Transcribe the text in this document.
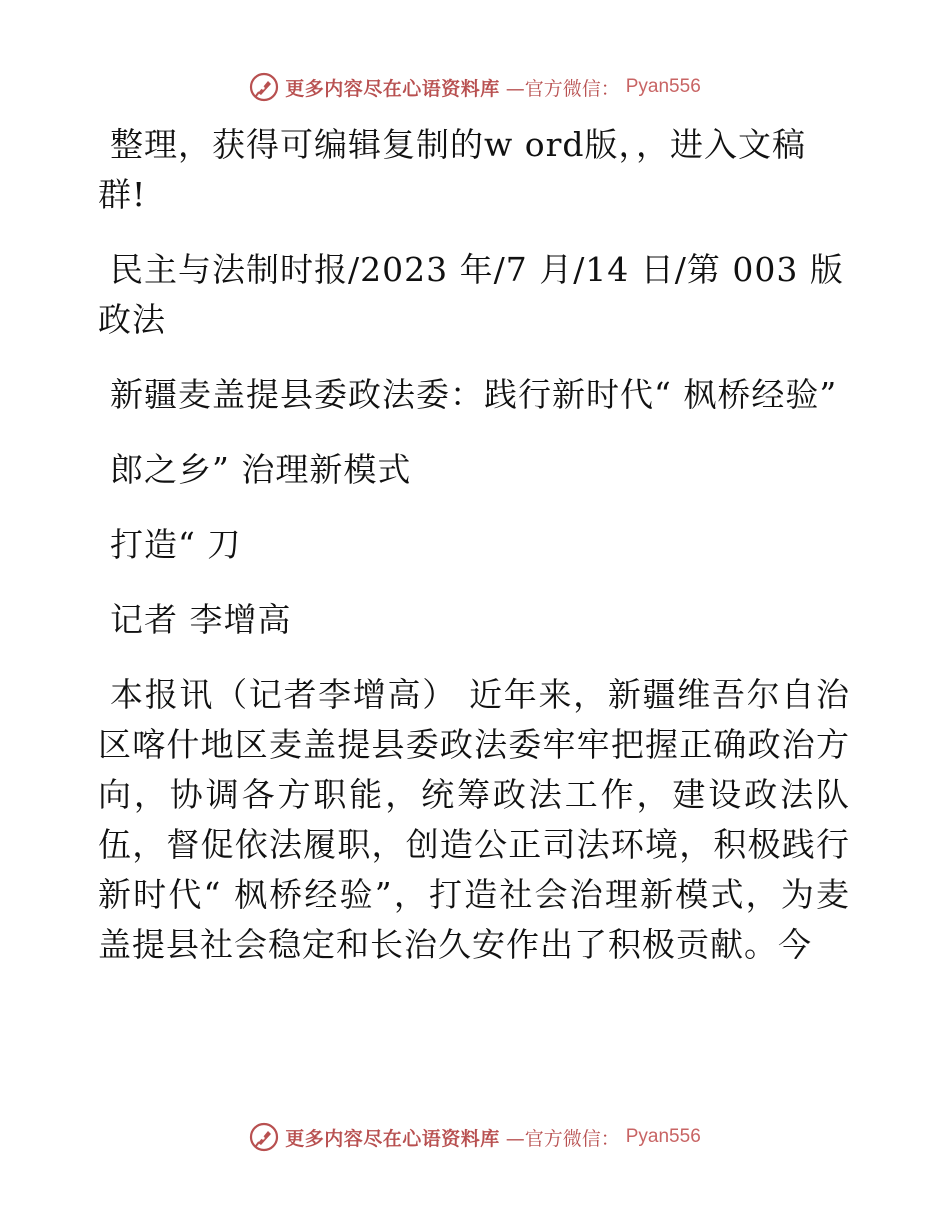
更多内容尽在心语资料库 —官方微信： Pyan556

整理，获得可编辑复制的w ord版，，进入文稿群!

民主与法制时报/2023 年/7 月/14 日/第 003 版政法

新疆麦盖提县委政法委：践行新时代“ 枫桥经验”

郎之乡” 治理新模式

打造“ 刀

记者 李增高

本报讯（记者李增高） 近年来，新疆维吾尔自治区喀什地区麦盖提县委政法委牢牢把握正确政治方向，协调各方职能，统筹政法工作，建设政法队伍，督促依法履职，创造公正司法环境，积极践行新时代“ 枫桥经验”，打造社会治理新模式，为麦盖提县社会稳定和长治久安作出了积极贡献。今

更多内容尽在心语资料库 —官方微信： Pyan556
